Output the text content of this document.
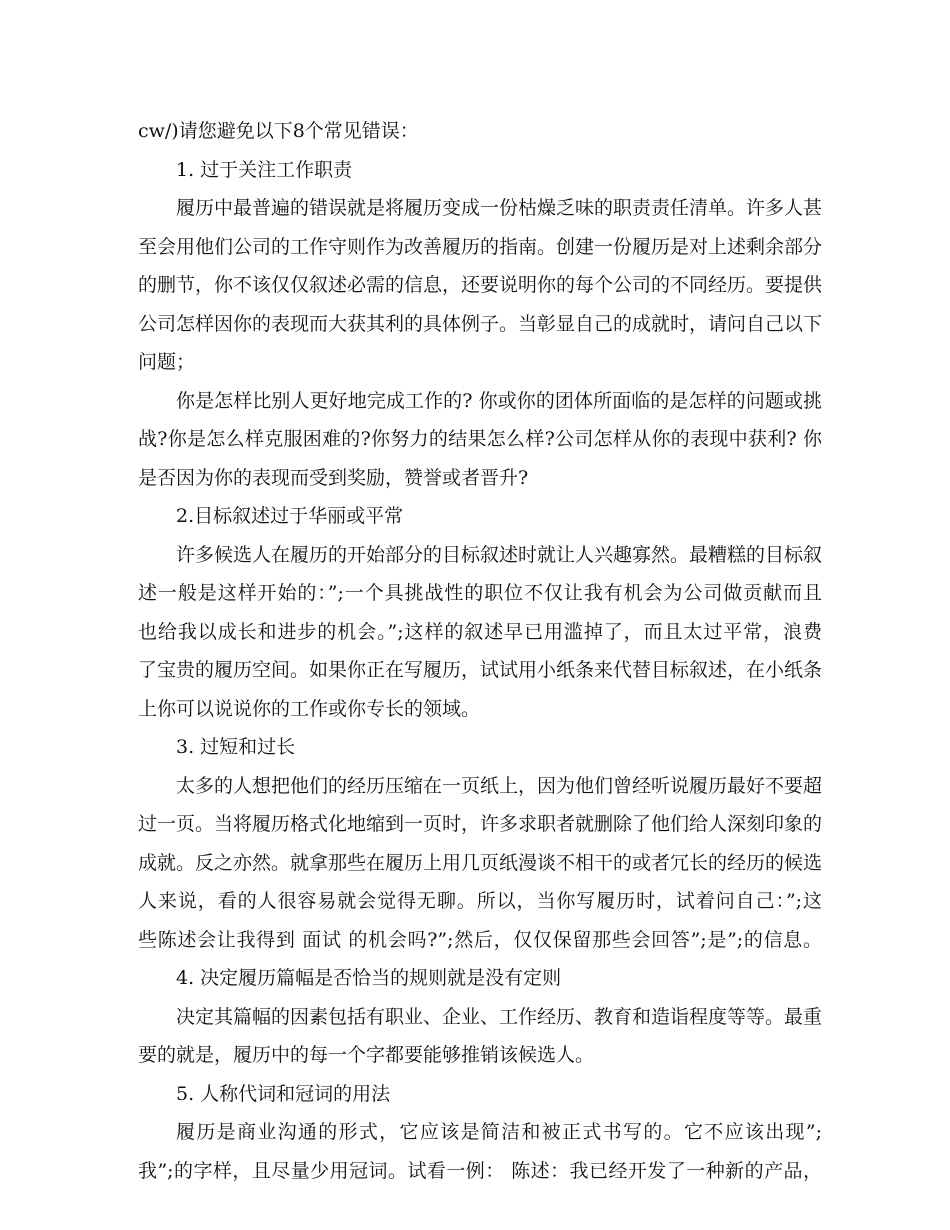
cw/)请您避免以下8个常见错误：
1. 过于关注工作职责
履历中最普遍的错误就是将履历变成一份枯燥乏味的职责责任清单。许多人甚
至会用他们公司的工作守则作为改善履历的指南。创建一份履历是对上述剩余部分
的删节，你不该仅仅叙述必需的信息，还要说明你的每个公司的不同经历。要提供
公司怎样因你的表现而大获其利的具体例子。当彰显自己的成就时，请问自己以下
问题；
你是怎样比别人更好地完成工作的? 你或你的团体所面临的是怎样的问题或挑
战?你是怎么样克服困难的?你努力的结果怎么样?公司怎样从你的表现中获利? 你
是否因为你的表现而受到奖励，赞誉或者晋升?
2.目标叙述过于华丽或平常
许多候选人在履历的开始部分的目标叙述时就让人兴趣寡然。最糟糕的目标叙
述一般是这样开始的：”;一个具挑战性的职位不仅让我有机会为公司做贡献而且
也给我以成长和进步的机会。”;这样的叙述早已用滥掉了，而且太过平常，浪费
了宝贵的履历空间。如果你正在写履历，试试用小纸条来代替目标叙述，在小纸条
上你可以说说你的工作或你专长的领域。
3. 过短和过长
太多的人想把他们的经历压缩在一页纸上，因为他们曾经听说履历最好不要超
过一页。当将履历格式化地缩到一页时，许多求职者就删除了他们给人深刻印象的
成就。反之亦然。就拿那些在履历上用几页纸漫谈不相干的或者冗长的经历的候选
人来说，看的人很容易就会觉得无聊。所以，当你写履历时，试着问自己：”;这
些陈述会让我得到 面试 的机会吗?”;然后，仅仅保留那些会回答”;是”;的信息。
4. 决定履历篇幅是否恰当的规则就是没有定则
决定其篇幅的因素包括有职业、企业、工作经历、教育和造诣程度等等。最重
要的就是，履历中的每一个字都要能够推销该候选人。
5. 人称代词和冠词的用法
履历是商业沟通的形式，它应该是简洁和被正式书写的。它不应该出现”;
我”;的字样，且尽量少用冠词。试看一例： 陈述：我已经开发了一种新的产品，
